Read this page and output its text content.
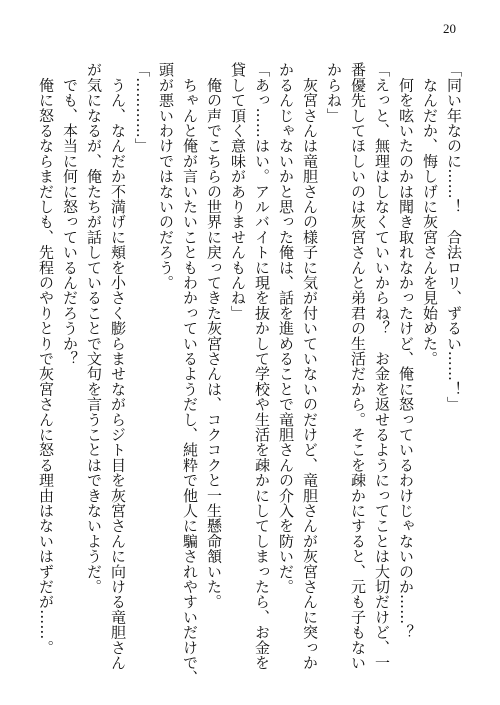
20
「同い年なのに……！　合法ロリ、ずるい……！」
　なんだか、悔しげに灰宮さんを見始めた。
　何を呟いたのかは聞き取れなかったけど、俺に怒っているわけじゃないのか……？
「えっと、無理はしなくていいからね？　お金を返せるようにってことは大切だけど、一
番優先してほしいのは灰宮さんと弟君の生活だから。そこを疎かにすると、元も子もない
からね」
　灰宮さんは竜胆さんの様子に気が付いていないのだけど、竜胆さんが灰宮さんに突っか
かるんじゃないかと思った俺は、話を進めることで竜胆さんの介入を防いだ。
「あっ……はい。アルバイトに現を抜かして学校や生活を疎かにしてしまったら、お金を
貸して頂く意味がありませんもんね」
　俺の声でこちらの世界に戻ってきた灰宮さんは、コクコクと一生懸命頷いた。
　ちゃんと俺が言いたいこともわかっているようだし、純粋で他人に騙されやすいだけで、
頭が悪いわけではないのだろう。
「…………」
　うん、なんだか不満げに頬を小さく膨らませながらジト目を灰宮さんに向ける竜胆さん
が気になるが、俺たちが話していることで文句を言うことはできないようだ。
　でも、本当に何に怒っているんだろうか？
　俺に怒るならまだしも、先程のやりとりで灰宮さんに怒る理由はないはずだが……。
